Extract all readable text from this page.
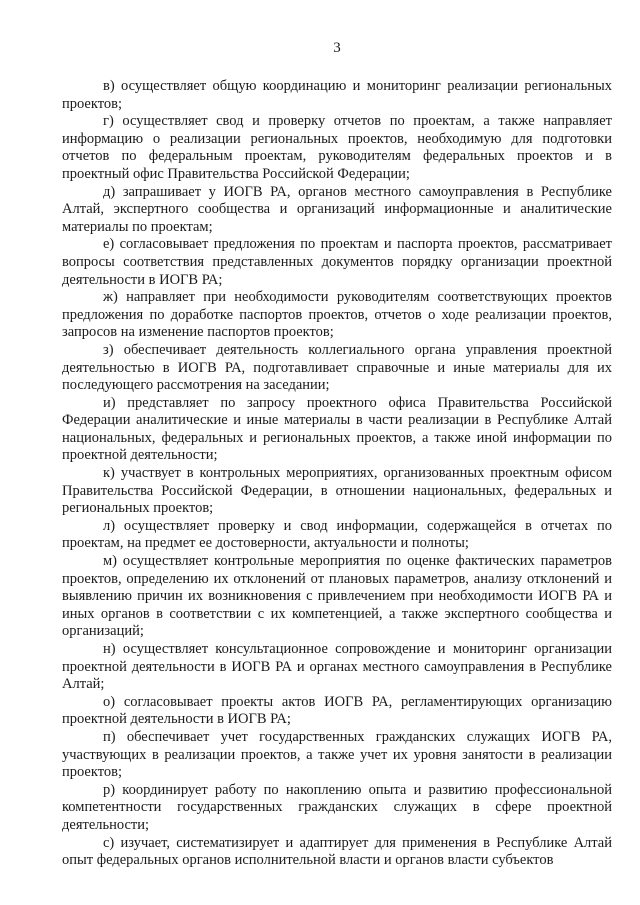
3

в) осуществляет общую координацию и мониторинг реализации региональных проектов;

г) осуществляет свод и проверку отчетов по проектам, а также направляет информацию о реализации региональных проектов, необходимую для подготовки отчетов по федеральным проектам, руководителям федеральных проектов и в проектный офис Правительства Российской Федерации;

д) запрашивает у ИОГВ РА, органов местного самоуправления в Республике Алтай, экспертного сообщества и организаций информационные и аналитические материалы по проектам;

е) согласовывает предложения по проектам и паспорта проектов, рассматривает вопросы соответствия представленных документов порядку организации проектной деятельности в ИОГВ РА;

ж) направляет при необходимости руководителям соответствующих проектов предложения по доработке паспортов проектов, отчетов о ходе реализации проектов, запросов на изменение паспортов проектов;

з) обеспечивает деятельность коллегиального органа управления проектной деятельностью в ИОГВ РА, подготавливает справочные и иные материалы для их последующего рассмотрения на заседании;

и) представляет по запросу проектного офиса Правительства Российской Федерации аналитические и иные материалы в части реализации в Республике Алтай национальных, федеральных и региональных проектов, а также иной информации по проектной деятельности;

к) участвует в контрольных мероприятиях, организованных проектным офисом Правительства Российской Федерации, в отношении национальных, федеральных и региональных проектов;

л) осуществляет проверку и свод информации, содержащейся в отчетах по проектам, на предмет ее достоверности, актуальности и полноты;

м) осуществляет контрольные мероприятия по оценке фактических параметров проектов, определению их отклонений от плановых параметров, анализу отклонений и выявлению причин их возникновения с привлечением при необходимости ИОГВ РА и иных органов в соответствии с их компетенцией, а также экспертного сообщества и организаций;

н) осуществляет консультационное сопровождение и мониторинг организации проектной деятельности в ИОГВ РА и органах местного самоуправления в Республике Алтай;

о) согласовывает проекты актов ИОГВ РА, регламентирующих организацию проектной деятельности в ИОГВ РА;

п) обеспечивает учет государственных гражданских служащих ИОГВ РА, участвующих в реализации проектов, а также учет их уровня занятости в реализации проектов;

р) координирует работу по накоплению опыта и развитию профессиональной компетентности государственных гражданских служащих в сфере проектной деятельности;

с) изучает, систематизирует и адаптирует для применения в Республике Алтай опыт федеральных органов исполнительной власти и органов власти субъектов
